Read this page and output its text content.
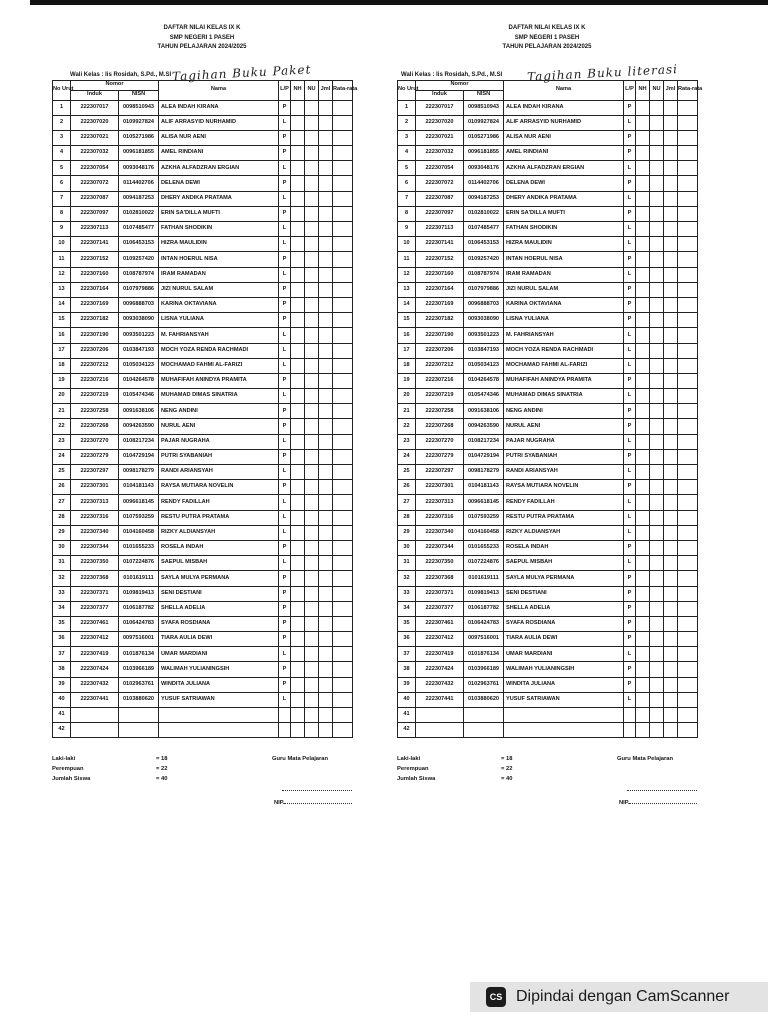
DAFTAR NILAI KELAS IX K
SMP NEGERI 1 PASEH
TAHUN PELAJARAN 2024/2025
Wali Kelas : Iis Rosidah, S.Pd., M.SI Tagihan Buku Paket
No Urut	Nomor		Nama	L/P	NH	NU	Jml	Rata-rata
	Induk	NISN						
1	222307017	0098510943	ALEA INDAH KIRANA	P				
2	222307020	0109927824	ALIF ARRASYID NURHAMID	L				
3	222307021	0105271986	ALISA NUR AENI	P				
4	222307032	0096181855	AMEL RINDIANI	P				
5	222307054	0093048176	AZKHA ALFADZRAN ERGIAN	L				
6	222307072	0114402706	DELENA DEWI	P				
7	222307087	0094187253	DHERY ANDIKA PRATAMA	L				
8	222307097	0102810022	ERIN SA'DILLA MUFTI	P				
9	222307113	0107485477	FATHAN SHODIKIN	L				
10	222307141	0106453153	HIZRA MAULIDIN	L				
11	222307152	0109257420	INTAN HOERUL NISA	P				
12	222307160	0108787974	IRAM RAMADAN	L				
13	222307164	0107979886	JIZI NURUL SALAM	P				
14	222307169	0096888703	KARINA OKTAVIANA	P				
15	222307182	0093038090	LISNA YULIANA	P				
16	222307190	0093501223	M. FAHRIANSYAH	L				
17	222307206	0103847193	MOCH YOZA RENDA RACHMADI	L				
18	222307212	0105034123	MOCHAMAD FAHMI AL-FARIZI	L				
19	222307216	0104264578	MUHAFIFAH ANINDYA PRAMITA	P				
20	222307219	0105474346	MUHAMAD DIMAS SINATRIA	L				
21	222307258	0091638106	NENG ANDINI	P				
22	222307268	0094263590	NURUL AENI	P				
23	222307270	0108217234	PAJAR NUGRAHA	L				
24	222307279	0104729194	PUTRI SYABANIAH	P				
25	222307297	0098178279	RANDI ARIANSYAH	L				
26	222307301	0104181143	RAYSA MUTIARA NOVELIN	P				
27	222307313	0096618145	RENDY FADILLAH	L				
28	222307316	0107593259	RESTU PUTRA PRATAMA	L				
29	222307340	0104160458	RIZKY ALDIANSYAH	L				
30	222307344	0101655233	ROSELA INDAH	P				
31	222307350	0107224876	SAEPUL MISBAH	L				
32	222307368	0101619111	SAYLA MULYA PERMANA	P				
33	222307371	0109819413	SENI DESTIANI	P				
34	222307377	0106187782	SHELLA ADELIA	P				
35	222307461	0106424783	SYAFA ROSDIANA	P				
36	222307412	0097516001	TIARA AULIA DEWI	P				
37	222307419	0101876134	UMAR MARDIANI	L				
38	222307424	0103966189	WALIMAH YULIANINGSIH	P				
39	222307432	0102963761	WINDITA JULIANA	P				
40	222307441	0103880620	YUSUF SATRIAWAN	L				
41								
42								
Laki-laki	= 18
Perempuan	= 22
Jumlah Siswa	= 40
Guru Mata Pelajaran
NIP.
DAFTAR NILAI KELAS IX K
SMP NEGERI 1 PASEH
TAHUN PELAJARAN 2024/2025
Wali Kelas : Iis Rosidah, S.Pd., M.SI Tagihan Buku literasi
No Urut	Nomor		Nama	L/P	NH	NU	Jml	Rata-rata
	Induk	NISN						
1	222307017	0098510943	ALEA INDAH KIRANA	P				
2	222307020	0109927824	ALIF ARRASYID NURHAMID	L				
3	222307021	0105271986	ALISA NUR AENI	P				
4	222307032	0096181855	AMEL RINDIANI	P				
5	222307054	0093048176	AZKHA ALFADZRAN ERGIAN	L				
6	222307072	0114402706	DELENA DEWI	P				
7	222307087	0094187253	DHERY ANDIKA PRATAMA	L				
8	222307097	0102810022	ERIN SA'DILLA MUFTI	P				
9	222307113	0107485477	FATHAN SHODIKIN	L				
10	222307141	0106453153	HIZRA MAULIDIN	L				
11	222307152	0109257420	INTAN HOERUL NISA	P				
12	222307160	0108787974	IRAM RAMADAN	L				
13	222307164	0107979886	JIZI NURUL SALAM	P				
14	222307169	0096888703	KARINA OKTAVIANA	P				
15	222307182	0093038090	LISNA YULIANA	P				
16	222307190	0093501223	M. FAHRIANSYAH	L				
17	222307206	0103847193	MOCH YOZA RENDA RACHMADI	L				
18	222307212	0105034123	MOCHAMAD FAHMI AL-FARIZI	L				
19	222307216	0104264578	MUHAFIFAH ANINDYA PRAMITA	P				
20	222307219	0105474346	MUHAMAD DIMAS SINATRIA	L				
21	222307258	0091638106	NENG ANDINI	P				
22	222307268	0094263590	NURUL AENI	P				
23	222307270	0108217234	PAJAR NUGRAHA	L				
24	222307279	0104729194	PUTRI SYABANIAH	P				
25	222307297	0098178279	RANDI ARIANSYAH	L				
26	222307301	0104181143	RAYSA MUTIARA NOVELIN	P				
27	222307313	0096618145	RENDY FADILLAH	L				
28	222307316	0107593259	RESTU PUTRA PRATAMA	L				
29	222307340	0104160458	RIZKY ALDIANSYAH	L				
30	222307344	0101655233	ROSELA INDAH	P				
31	222307350	0107224876	SAEPUL MISBAH	L				
32	222307368	0101619111	SAYLA MULYA PERMANA	P				
33	222307371	0109819413	SENI DESTIANI	P				
34	222307377	0106187782	SHELLA ADELIA	P				
35	222307461	0106424783	SYAFA ROSDIANA	P				
36	222307412	0097516001	TIARA AULIA DEWI	P				
37	222307419	0101876134	UMAR MARDIANI	L				
38	222307424	0103966189	WALIMAH YULIANINGSIH	P				
39	222307432	0102963761	WINDITA JULIANA	P				
40	222307441	0103880620	YUSUF SATRIAWAN	L				
41								
42								
Laki-laki	= 18
Perempuan	= 22
Jumlah Siswa	= 40
Guru Mata Pelajaran
NIP.
CS Dipindai dengan CamScanner
